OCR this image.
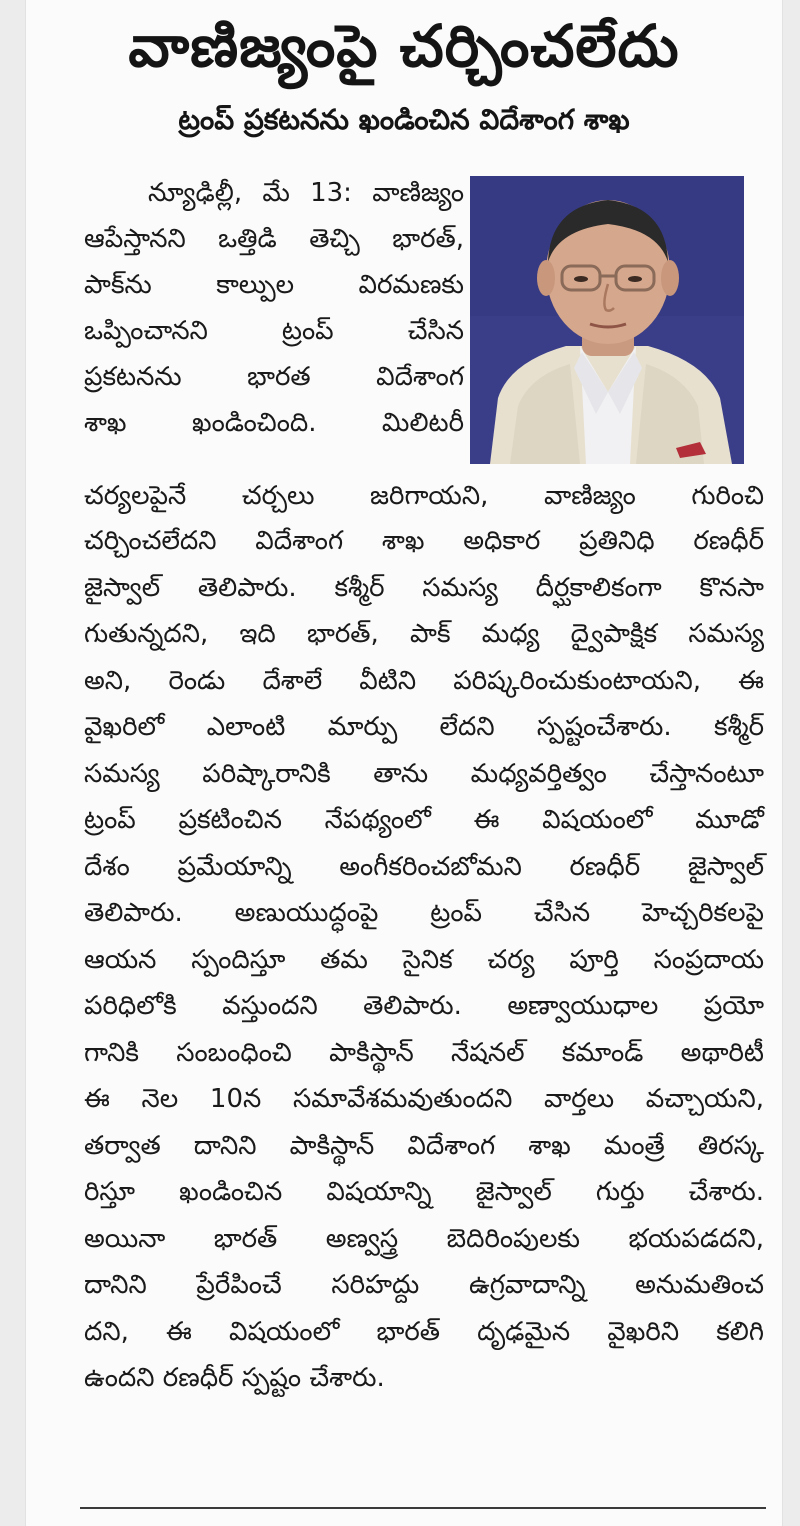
వాణిజ్యంపై చర్చించలేదు
ట్రంప్ ప్రకటనను ఖండించిన విదేశాంగ శాఖ
న్యూఢిల్లీ, మే 13: వాణిజ్యం
ఆపేస్తానని ఒత్తిడి తెచ్చి భారత్,
పాక్‌ను కాల్పుల విరమణకు
ఒప్పించానని ట్రంప్ చేసిన
ప్రకటనను భారత విదేశాంగ
శాఖ ఖండించింది. మిలిటరీ
చర్యలపైనే చర్చలు జరిగాయని, వాణిజ్యం గురించి
చర్చించలేదని విదేశాంగ శాఖ అధికార ప్రతినిధి రణధీర్
జైస్వాల్ తెలిపారు. కశ్మీర్ సమస్య దీర్ఘకాలికంగా కొనసా
గుతున్నదని, ఇది భారత్, పాక్ మధ్య ద్వైపాక్షిక సమస్య
అని, రెండు దేశాలే వీటిని పరిష్కరించుకుంటాయని, ఈ
వైఖరిలో ఎలాంటి మార్పు లేదని స్పష్టంచేశారు. కశ్మీర్
సమస్య పరిష్కారానికి తాను మధ్యవర్తిత్వం చేస్తానంటూ
ట్రంప్ ప్రకటించిన నేపథ్యంలో ఈ విషయంలో మూడో
దేశం ప్రమేయాన్ని అంగీకరించబోమని రణధీర్ జైస్వాల్
తెలిపారు. అణుయుద్ధంపై ట్రంప్ చేసిన హెచ్చరికలపై
ఆయన స్పందిస్తూ తమ సైనిక చర్య పూర్తి సంప్రదాయ
పరిధిలోకి వస్తుందని తెలిపారు. అణ్వాయుధాల ప్రయో
గానికి సంబంధించి పాకిస్థాన్ నేషనల్ కమాండ్ అథారిటీ
ఈ నెల 10న సమావేశమవుతుందని వార్తలు వచ్చాయని,
తర్వాత దానిని పాకిస్థాన్ విదేశాంగ శాఖ మంత్రే తిరస్క
రిస్తూ ఖండించిన విషయాన్ని జైస్వాల్ గుర్తు చేశారు.
అయినా భారత్ అణ్వస్త్ర బెదిరింపులకు భయపడదని,
దానిని ప్రేరేపించే సరిహద్దు ఉగ్రవాదాన్ని అనుమతించ
దని, ఈ విషయంలో భారత్ దృఢమైన వైఖరిని కలిగి
ఉందని రణధీర్ స్పష్టం చేశారు.
